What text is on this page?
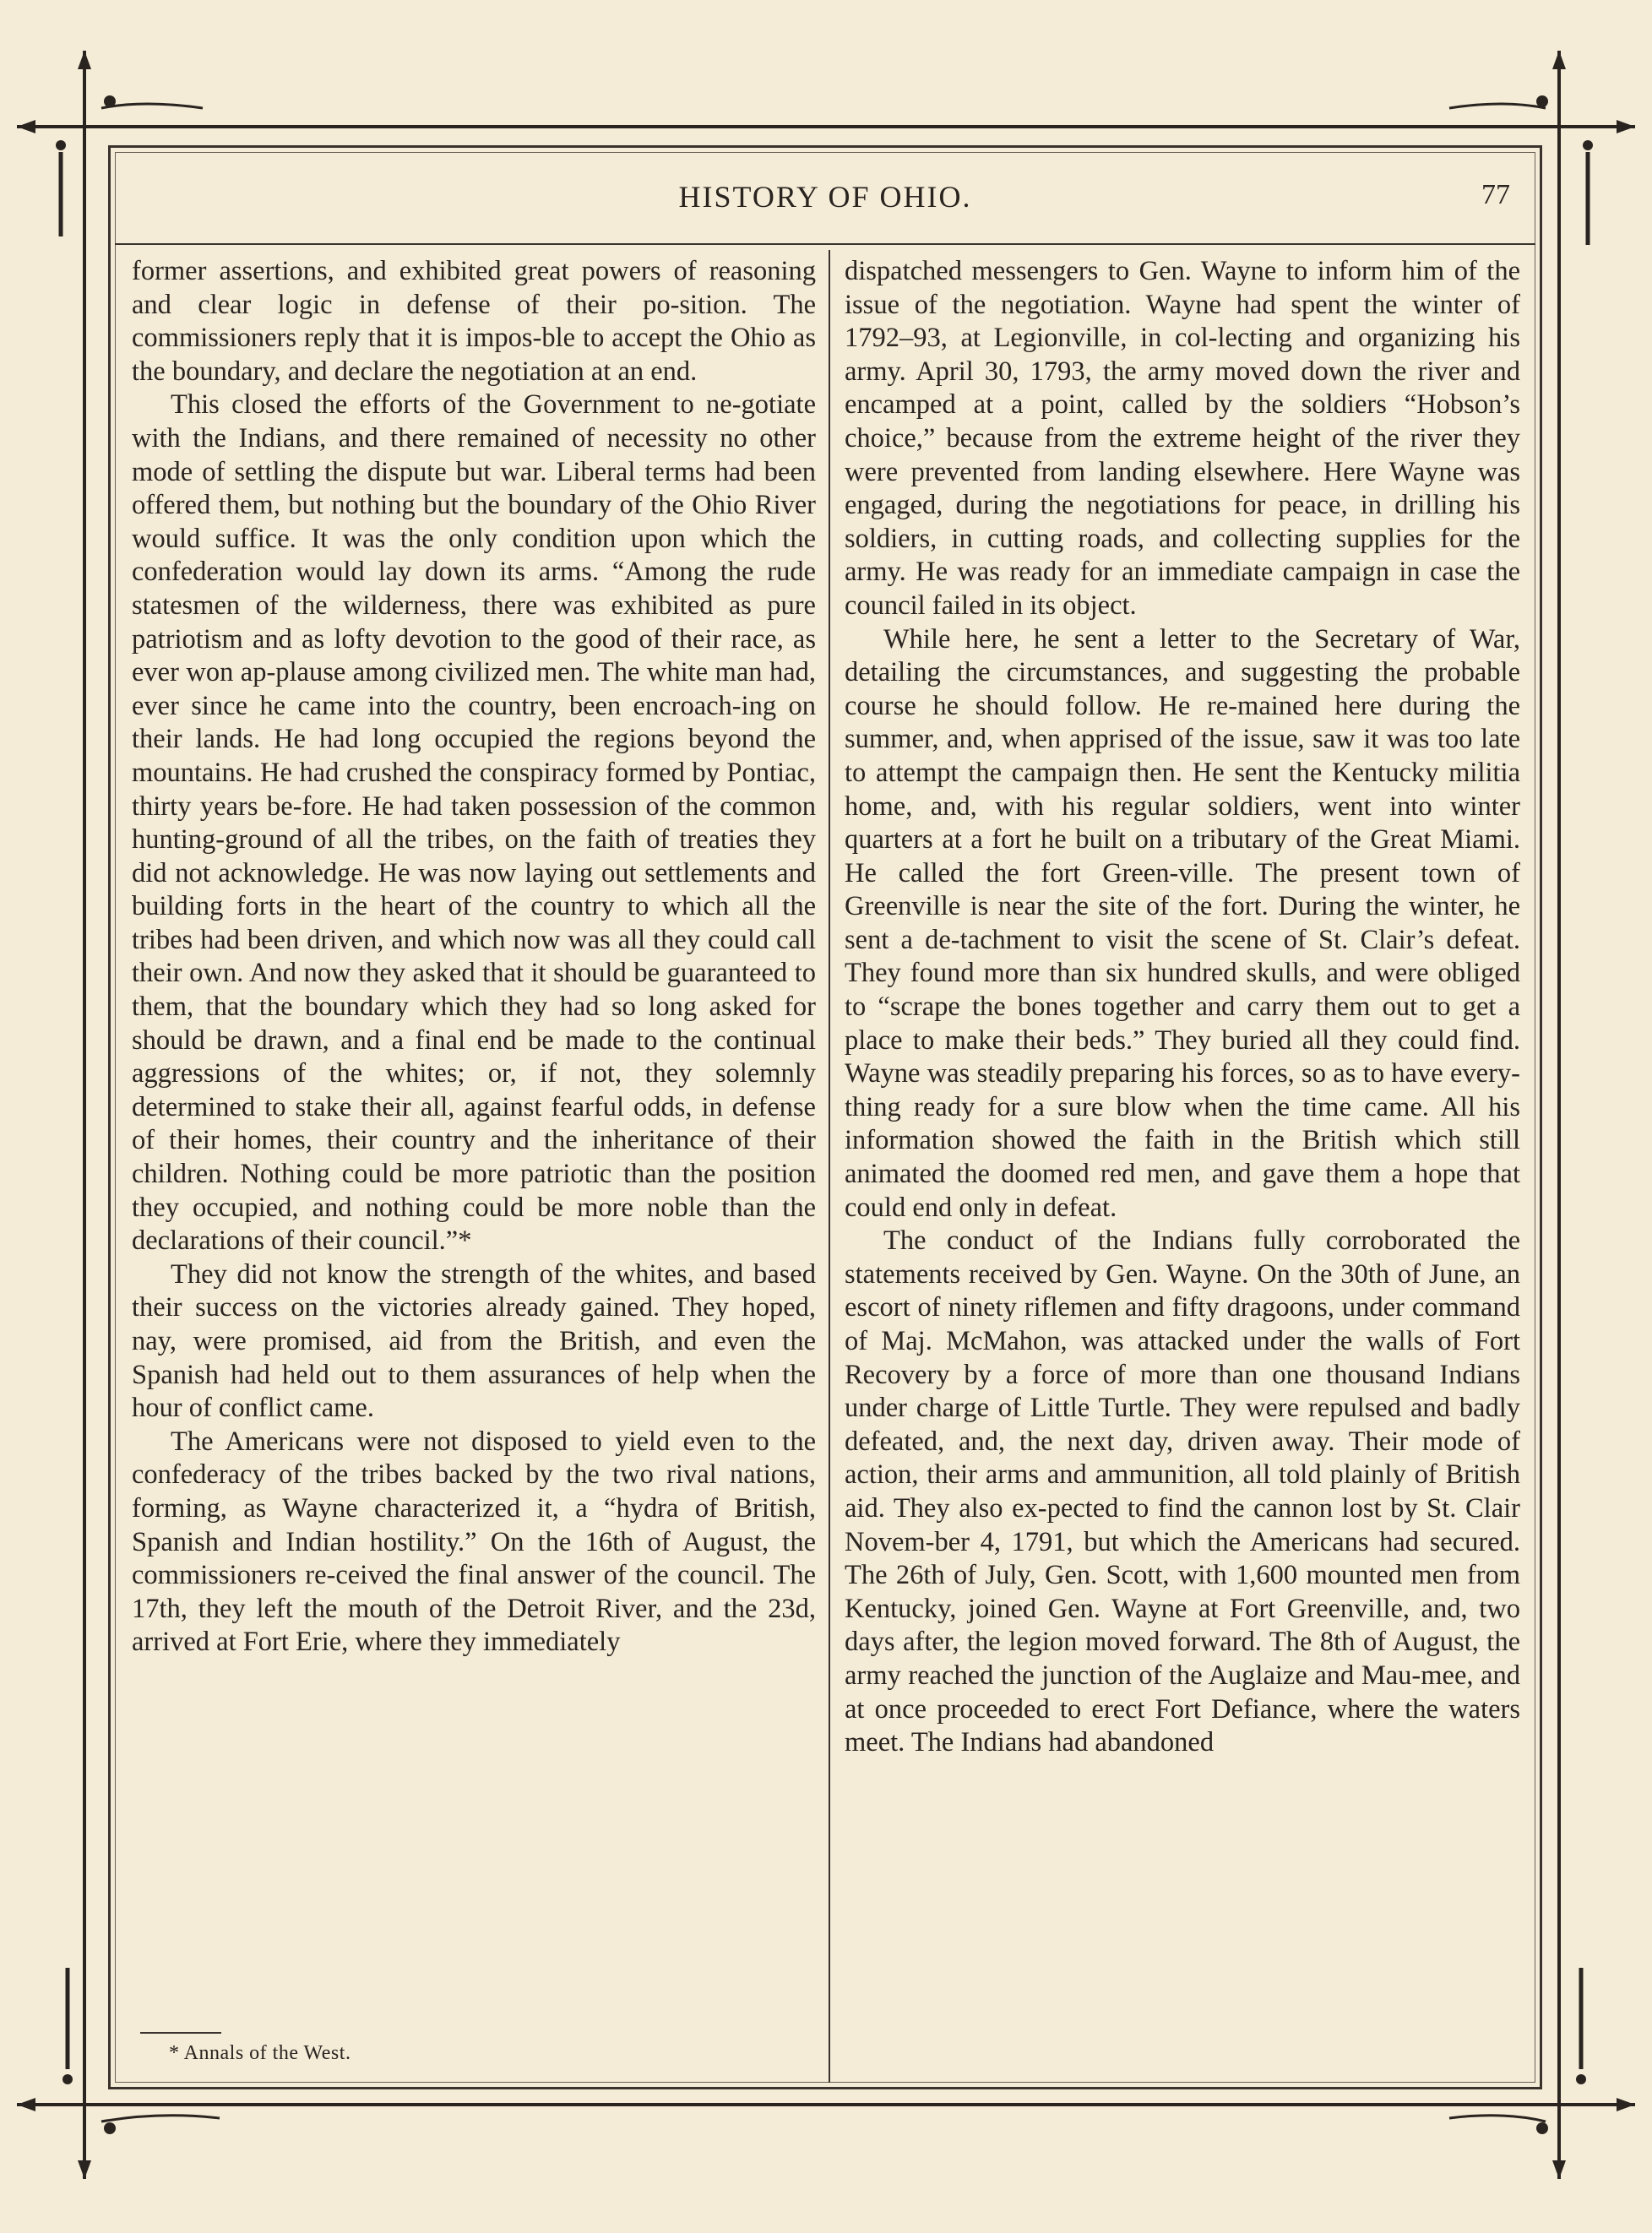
HISTORY OF OHIO.	77

former assertions, and exhibited great powers of reasoning and clear logic in defense of their po-sition. The commissioners reply that it is impos-ble to accept the Ohio as the boundary, and declare the negotiation at an end.

This closed the efforts of the Government to ne-gotiate with the Indians, and there remained of necessity no other mode of settling the dispute but war. Liberal terms had been offered them, but nothing but the boundary of the Ohio River would suffice. It was the only condition upon which the confederation would lay down its arms. “Among the rude statesmen of the wilderness, there was exhibited as pure patriotism and as lofty devotion to the good of their race, as ever won ap-plause among civilized men. The white man had, ever since he came into the country, been encroach-ing on their lands. He had long occupied the regions beyond the mountains. He had crushed the conspiracy formed by Pontiac, thirty years be-fore. He had taken possession of the common hunting-ground of all the tribes, on the faith of treaties they did not acknowledge. He was now laying out settlements and building forts in the heart of the country to which all the tribes had been driven, and which now was all they could call their own. And now they asked that it should be guaranteed to them, that the boundary which they had so long asked for should be drawn, and a final end be made to the continual aggressions of the whites; or, if not, they solemnly determined to stake their all, against fearful odds, in defense of their homes, their country and the inheritance of their children. Nothing could be more patriotic than the position they occupied, and nothing could be more noble than the declarations of their council.”*

They did not know the strength of the whites, and based their success on the victories already gained. They hoped, nay, were promised, aid from the British, and even the Spanish had held out to them assurances of help when the hour of conflict came.

The Americans were not disposed to yield even to the confederacy of the tribes backed by the two rival nations, forming, as Wayne characterized it, a “hydra of British, Spanish and Indian hostility.” On the 16th of August, the commissioners re-ceived the final answer of the council. The 17th, they left the mouth of the Detroit River, and the 23d, arrived at Fort Erie, where they immediately

* Annals of the West.

dispatched messengers to Gen. Wayne to inform him of the issue of the negotiation. Wayne had spent the winter of 1792–93, at Legionville, in col-lecting and organizing his army. April 30, 1793, the army moved down the river and encamped at a point, called by the soldiers “Hobson’s choice,” because from the extreme height of the river they were prevented from landing elsewhere. Here Wayne was engaged, during the negotiations for peace, in drilling his soldiers, in cutting roads, and collecting supplies for the army. He was ready for an immediate campaign in case the council failed in its object.

While here, he sent a letter to the Secretary of War, detailing the circumstances, and suggesting the probable course he should follow. He re-mained here during the summer, and, when apprised of the issue, saw it was too late to attempt the campaign then. He sent the Kentucky militia home, and, with his regular soldiers, went into winter quarters at a fort he built on a tributary of the Great Miami. He called the fort Green-ville. The present town of Greenville is near the site of the fort. During the winter, he sent a de-tachment to visit the scene of St. Clair’s defeat. They found more than six hundred skulls, and were obliged to “scrape the bones together and carry them out to get a place to make their beds.” They buried all they could find. Wayne was steadily preparing his forces, so as to have every-thing ready for a sure blow when the time came. All his information showed the faith in the British which still animated the doomed red men, and gave them a hope that could end only in defeat.

The conduct of the Indians fully corroborated the statements received by Gen. Wayne. On the 30th of June, an escort of ninety riflemen and fifty dragoons, under command of Maj. McMahon, was attacked under the walls of Fort Recovery by a force of more than one thousand Indians under charge of Little Turtle. They were repulsed and badly defeated, and, the next day, driven away. Their mode of action, their arms and ammunition, all told plainly of British aid. They also ex-pected to find the cannon lost by St. Clair Novem-ber 4, 1791, but which the Americans had secured. The 26th of July, Gen. Scott, with 1,600 mounted men from Kentucky, joined Gen. Wayne at Fort Greenville, and, two days after, the legion moved forward. The 8th of August, the army reached the junction of the Auglaize and Mau-mee, and at once proceeded to erect Fort Defiance, where the waters meet. The Indians had abandoned
